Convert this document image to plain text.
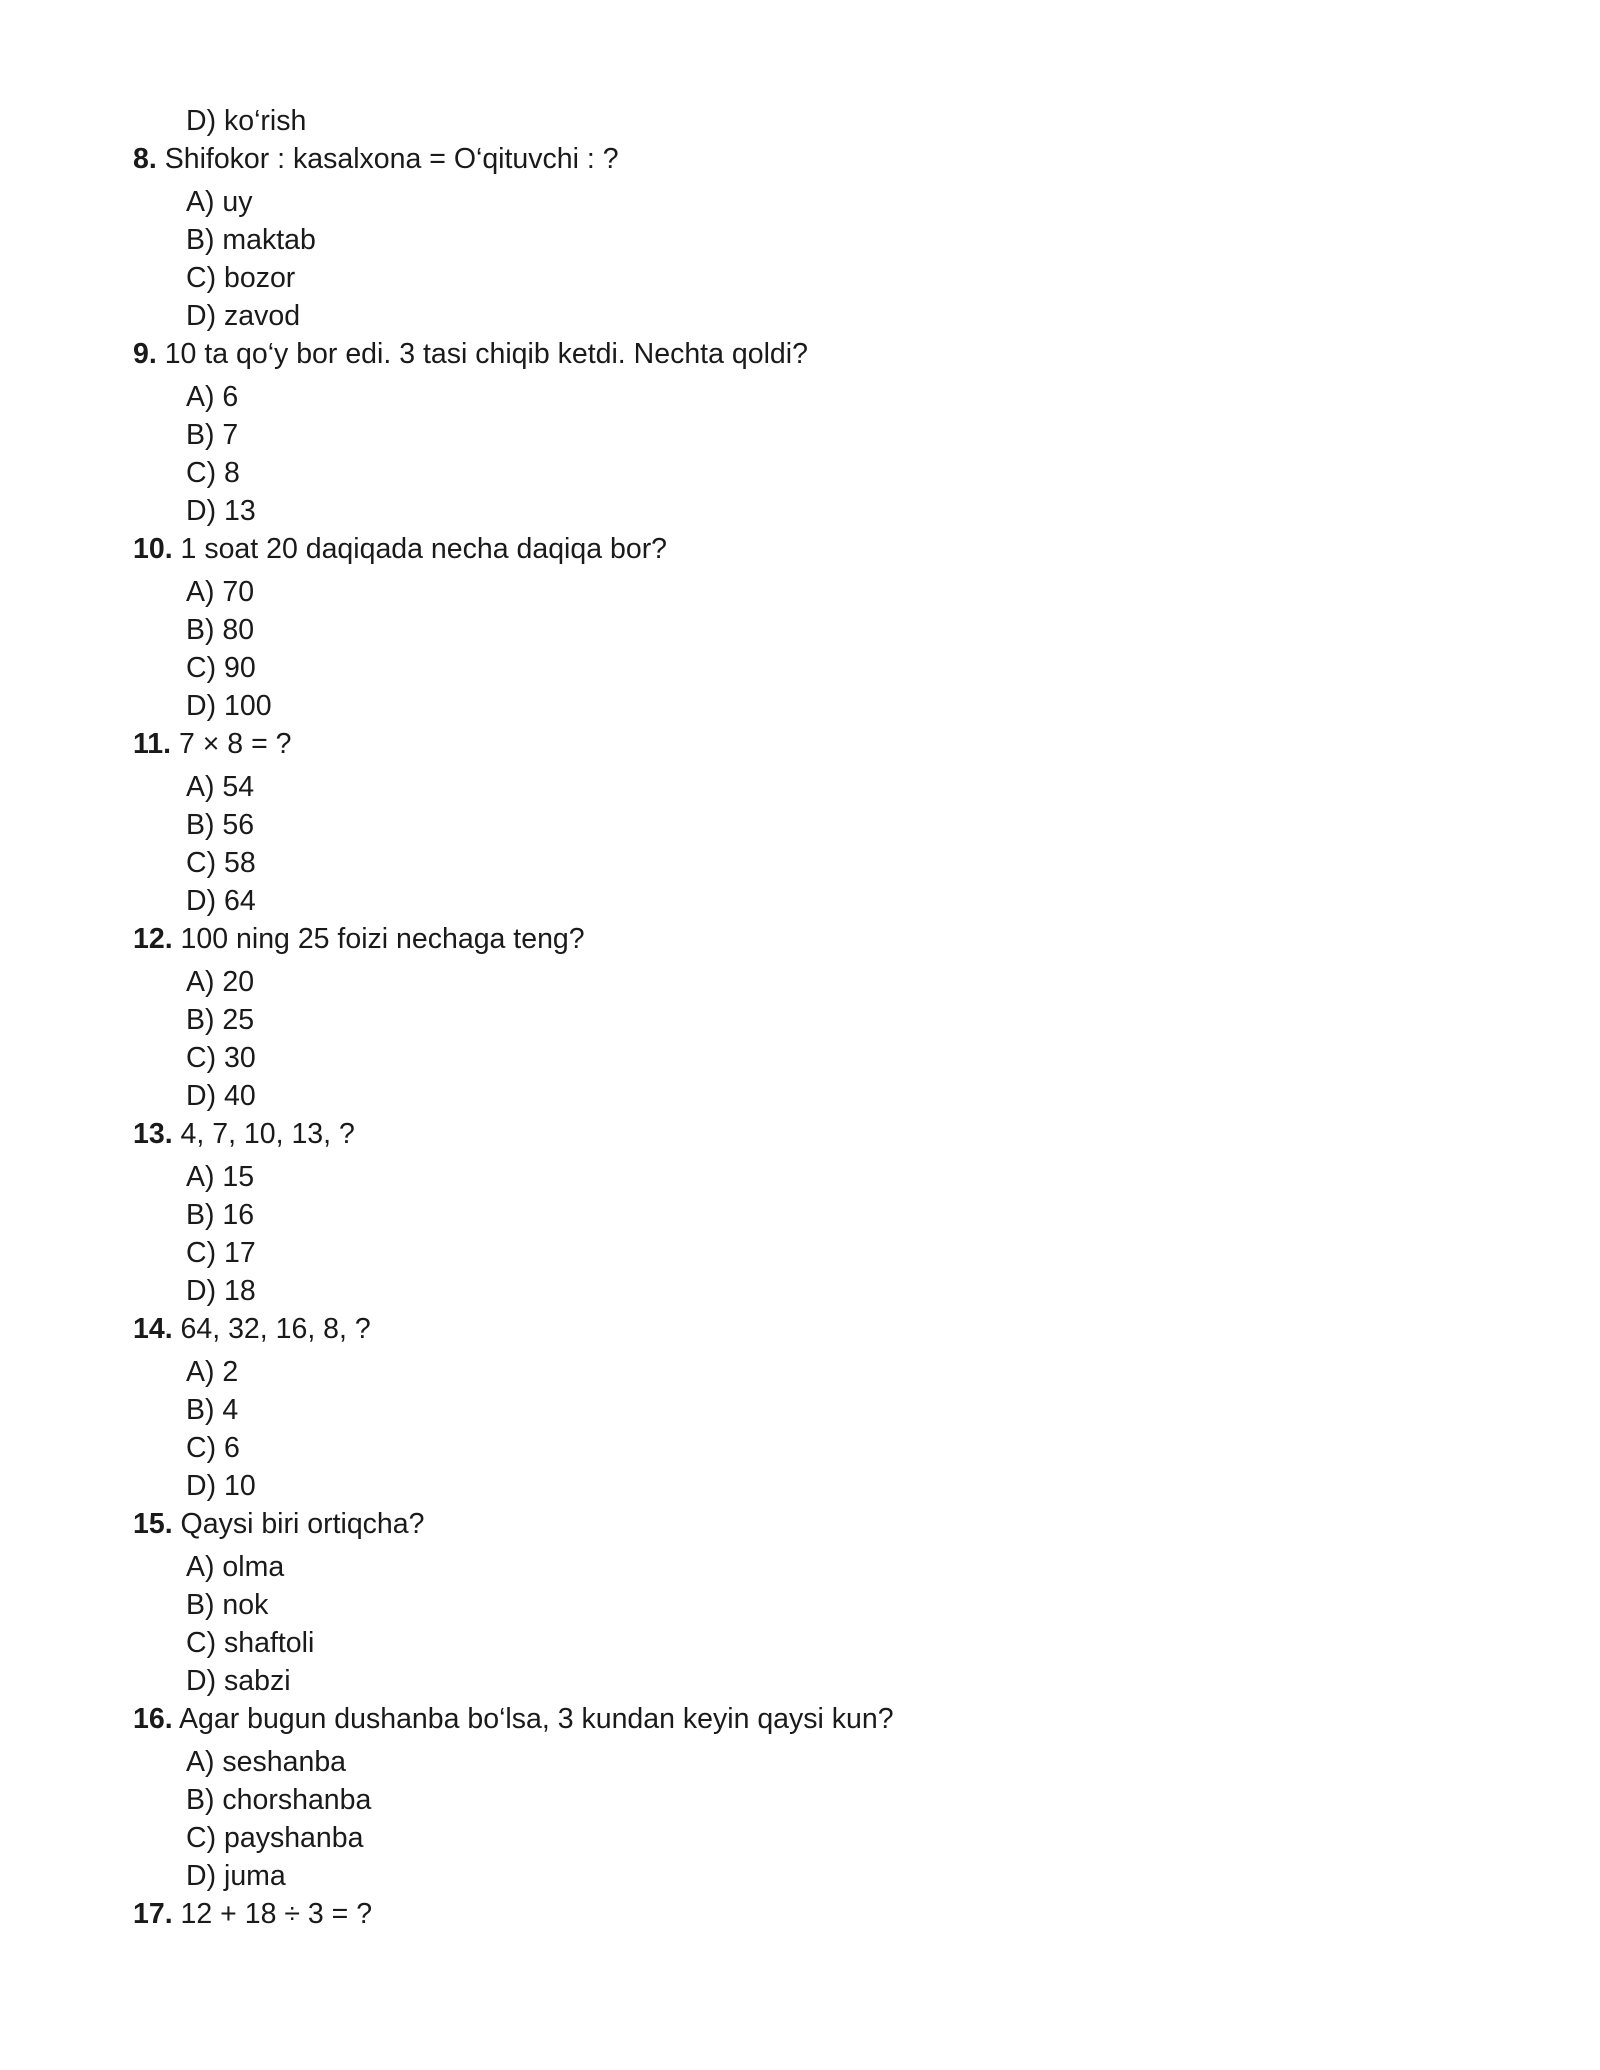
D) ko‘rish
8. Shifokor : kasalxona = O‘qituvchi : ?
A) uy
B) maktab
C) bozor
D) zavod
9. 10 ta qo‘y bor edi. 3 tasi chiqib ketdi. Nechta qoldi?
A) 6
B) 7
C) 8
D) 13
10. 1 soat 20 daqiqada necha daqiqa bor?
A) 70
B) 80
C) 90
D) 100
11. 7 × 8 = ?
A) 54
B) 56
C) 58
D) 64
12. 100 ning 25 foizi nechaga teng?
A) 20
B) 25
C) 30
D) 40
13. 4, 7, 10, 13, ?
A) 15
B) 16
C) 17
D) 18
14. 64, 32, 16, 8, ?
A) 2
B) 4
C) 6
D) 10
15. Qaysi biri ortiqcha?
A) olma
B) nok
C) shaftoli
D) sabzi
16. Agar bugun dushanba bo‘lsa, 3 kundan keyin qaysi kun?
A) seshanba
B) chorshanba
C) payshanba
D) juma
17. 12 + 18 ÷ 3 = ?
